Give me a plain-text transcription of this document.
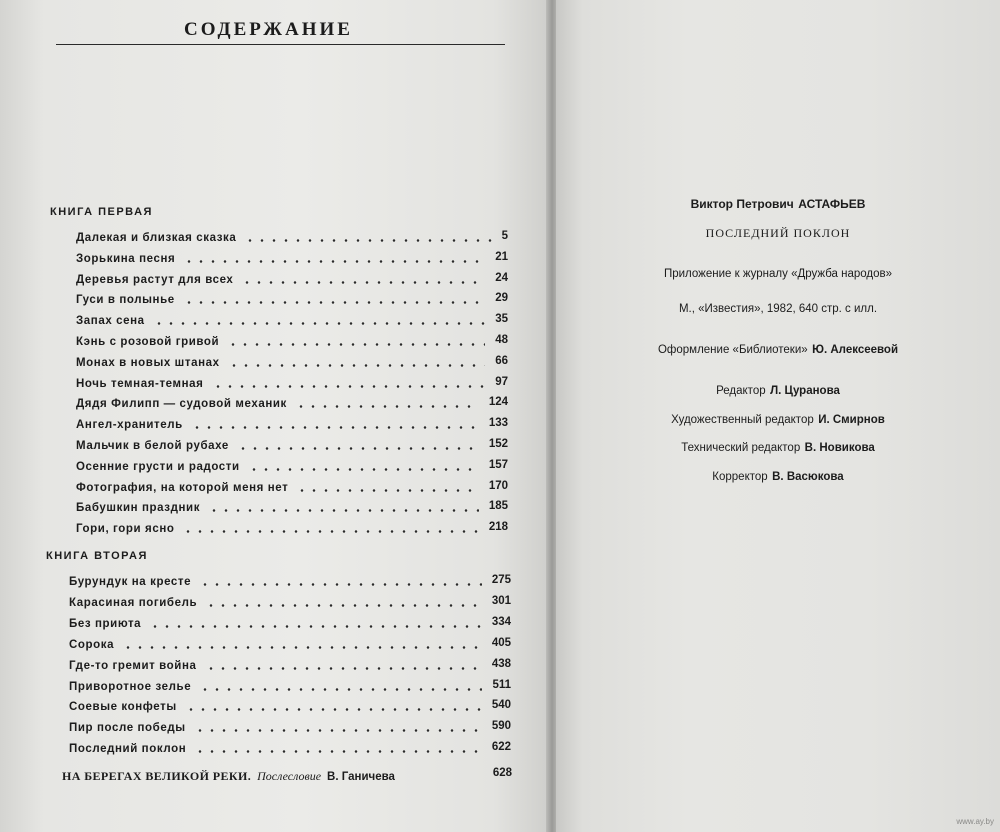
СОДЕРЖАНИЕ
КНИГА ПЕРВАЯ
Далекая и близкая сказка	5
Зорькина песня	21
Деревья растут для всех	24
Гуси в полынье	29
Запах сена	35
Кэнь с розовой гривой	48
Монах в новых штанах	66
Ночь темная-темная	97
Дядя Филипп — судовой механик	124
Ангел-хранитель	133
Мальчик в белой рубахе	152
Осенние грусти и радости	157
Фотография, на которой меня нет	170
Бабушкин праздник	185
Гори, гори ясно	218
КНИГА ВТОРАЯ
Бурундук на кресте	275
Карасиная погибель	301
Без приюта	334
Сорока	405
Где-то гремит война	438
Приворотное зелье	511
Соевые конфеты	540
Пир после победы	590
Последний поклон	622
НА БЕРЕГАХ ВЕЛИКОЙ РЕКИ. Послесловие В. Ганичева	628
Виктор Петрович АСТАФЬЕВ
ПОСЛЕДНИЙ ПОКЛОН
Приложение к журналу «Дружба народов»
М., «Известия», 1982, 640 стр. с илл.
Оформление «Библиотеки» Ю. Алексеевой
Редактор Л. Цуранова
Художественный редактор И. Смирнов
Технический редактор В. Новикова
Корректор В. Васюкова
www.ay.by
